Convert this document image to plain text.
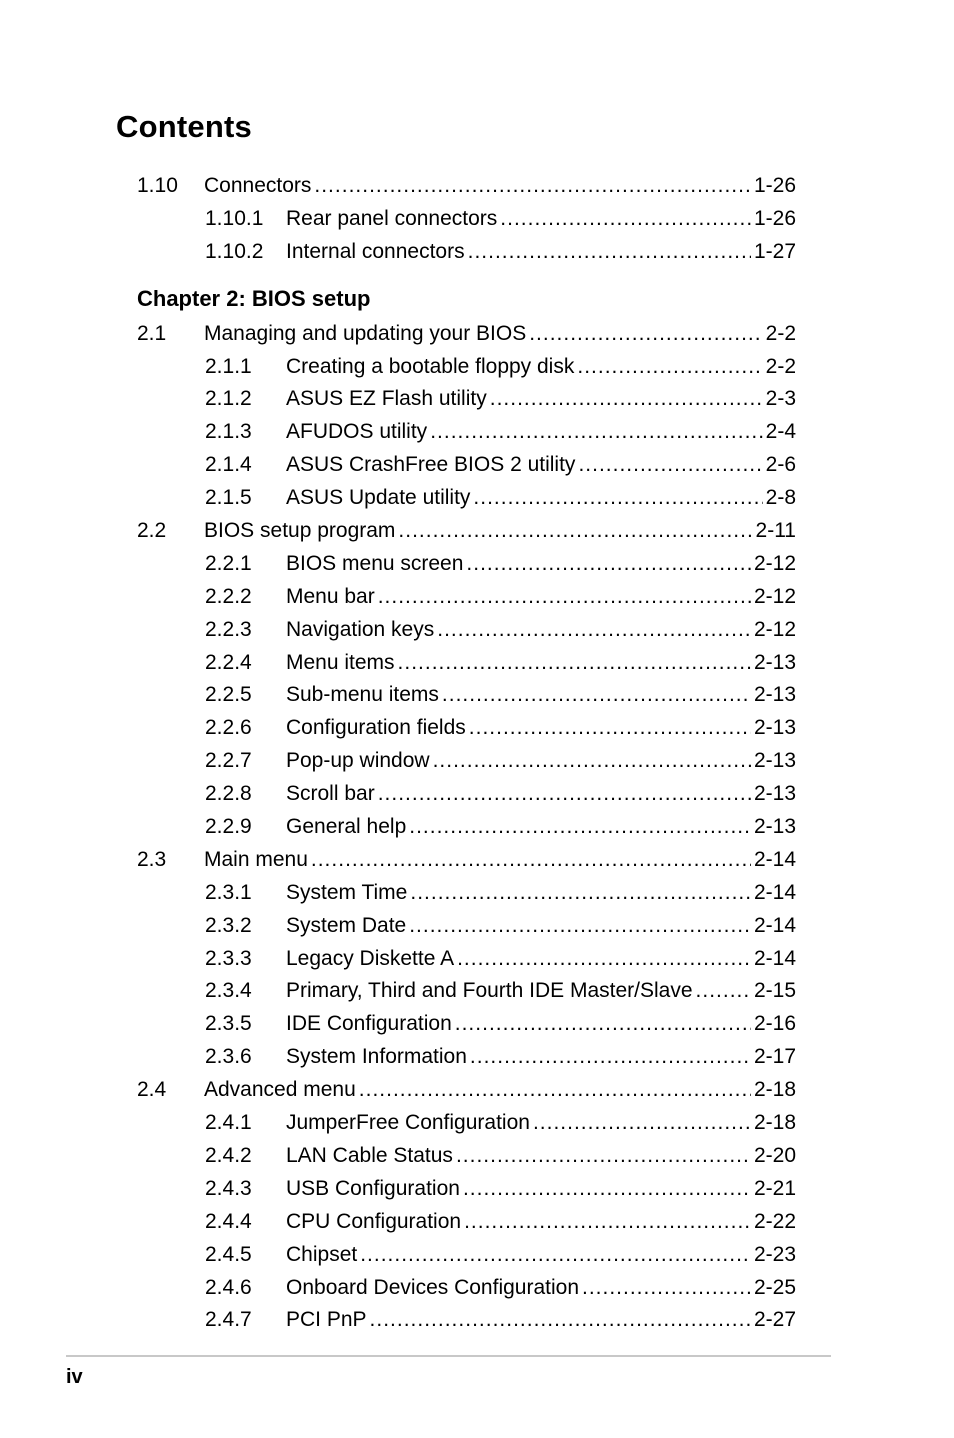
Contents
1.10 Connectors .....	1-26
1.10.1 Rear panel connectors .....	1-26
1.10.2 Internal connectors .....	1-27
Chapter 2: BIOS setup
2.1 Managing and updating your BIOS .....	2-2
2.1.1 Creating a bootable floppy disk .....	2-2
2.1.2 ASUS EZ Flash utility .....	2-3
2.1.3 AFUDOS utility .....	2-4
2.1.4 ASUS CrashFree BIOS 2 utility .....	2-6
2.1.5 ASUS Update utility .....	2-8
2.2 BIOS setup program .....	2-11
2.2.1 BIOS menu screen .....	2-12
2.2.2 Menu bar .....	2-12
2.2.3 Navigation keys .....	2-12
2.2.4 Menu items .....	2-13
2.2.5 Sub-menu items .....	2-13
2.2.6 Configuration fields .....	2-13
2.2.7 Pop-up window .....	2-13
2.2.8 Scroll bar .....	2-13
2.2.9 General help .....	2-13
2.3 Main menu .....	2-14
2.3.1 System Time .....	2-14
2.3.2 System Date .....	2-14
2.3.3 Legacy Diskette A .....	2-14
2.3.4 Primary, Third and Fourth IDE Master/Slave .....	2-15
2.3.5 IDE Configuration .....	2-16
2.3.6 System Information .....	2-17
2.4 Advanced menu .....	2-18
2.4.1 JumperFree Configuration .....	2-18
2.4.2 LAN Cable Status .....	2-20
2.4.3 USB Configuration .....	2-21
2.4.4 CPU Configuration .....	2-22
2.4.5 Chipset .....	2-23
2.4.6 Onboard Devices Configuration .....	2-25
2.4.7 PCI PnP .....	2-27
iv
